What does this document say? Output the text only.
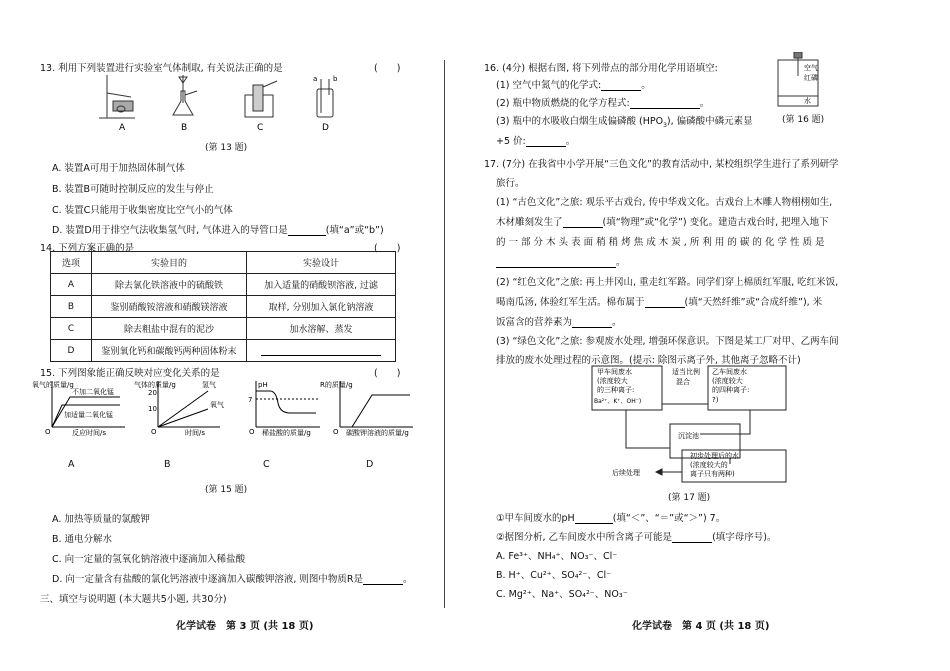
13. 利用下列装置进行实验室气体制取, 有关说法正确的是	(　　)
A	B	C
a b
D
(第 13 题)
A. 装置A可用于加热固体制气体
B. 装置B可随时控制反应的发生与停止
C. 装置C只能用于收集密度比空气小的气体
D. 装置D用于排空气法收集氢气时, 气体进入的导管口是	(填“a”或“b”)
14. 下列方案正确的是	(　　)
选项	实验目的	实验设计
A	除去氯化铁溶液中的硫酸铁	加入适量的硝酸钡溶液, 过滤
B	鉴别硝酸铵溶液和硝酸镁溶液	取样, 分别加入氯化钠溶液
C	除去粗盐中混有的泥沙	加水溶解、蒸发
D	鉴别氧化钙和碳酸钙两种固体粉末	
15. 下列图象能正确反映对应变化关系的是	(　　)
氧气的质量/g
不加二氧化锰
加适量二氧化锰
反应时间/s
O
气体的质量/g
20
10
氢气
氧气
时间/s
O
pH
7
稀盐酸的质量/g
O
R的质量/g
碳酸钾溶液的质量/g
O
A	B	C	D
(第 15 题)
A. 加热等质量的氯酸钾
B. 通电分解水
C. 向一定量的氢氧化钠溶液中逐滴加入稀盐酸
D. 向一定量含有盐酸的氯化钙溶液中逐滴加入碳酸钾溶液, 则图中物质R是	。
三、填空与说明题 (本大题共5小题, 共30分)
化学试卷　第 3 页 (共 18 页)
16. (4分) 根据右图, 将下列带点的部分用化学用语填空:
(1) 空气中氮气的化学式:	。
(2) 瓶中物质燃烧的化学方程式:	。
(3) 瓶中的水吸收白烟生成偏磷酸 $(HPO_3)$, 偏磷酸中磷元素显
+5 价:	。
空气
红磷
水
(第 16 题)
17. (7分) 在我省中小学开展“三色文化”的教育活动中, 某校组织学生进行了系列研学
旅行。
(1) “古色文化”之旅: 观乐平古戏台, 传中华戏文化。古戏台上木雕人物栩栩如生,
木材雕刻发生了	(填“物理”或“化学”) 变化。建造古戏台时, 把埋入地下
的 一 部 分 木 头 表 面 稍 稍 烤 焦 成 木 炭 , 所 利 用 的 碳 的 化 学 性 质 是
。
(2) “红色文化”之旅: 再上井冈山, 重走红军路。同学们穿上棉质红军服, 吃红米饭,
喝南瓜汤, 体验红军生活。棉布属于	(填“天然纤维”或“合成纤维”), 米
饭富含的营养素为	。
(3) “绿色文化”之旅: 参观废水处理, 增强环保意识。下图是某工厂对甲、乙两车间
排放的废水处理过程的示意图。(提示: 除图示离子外, 其他离子忽略不计)
甲车间废水
(浓度较大
的三种离子:
Ba²⁺、K⁺、OH⁻)
适当比例
混合
乙车间废水
(浓度较大
的四种离子:
?)
沉淀池
初步处理后的水
(浓度较大的
离子只有两种)
后续处理
(第 17 题)
①甲车间废水的pH	(填“＜”、“＝”或“＞”) 7。
②据图分析, 乙车间废水中所含离子可能是	(填字母序号)。
A. Fe³⁺、NH₄⁺、NO₃⁻、Cl⁻
B. H⁺、Cu²⁺、SO₄²⁻、Cl⁻
C. Mg²⁺、Na⁺、SO₄²⁻、NO₃⁻
化学试卷　第 4 页 (共 18 页)
